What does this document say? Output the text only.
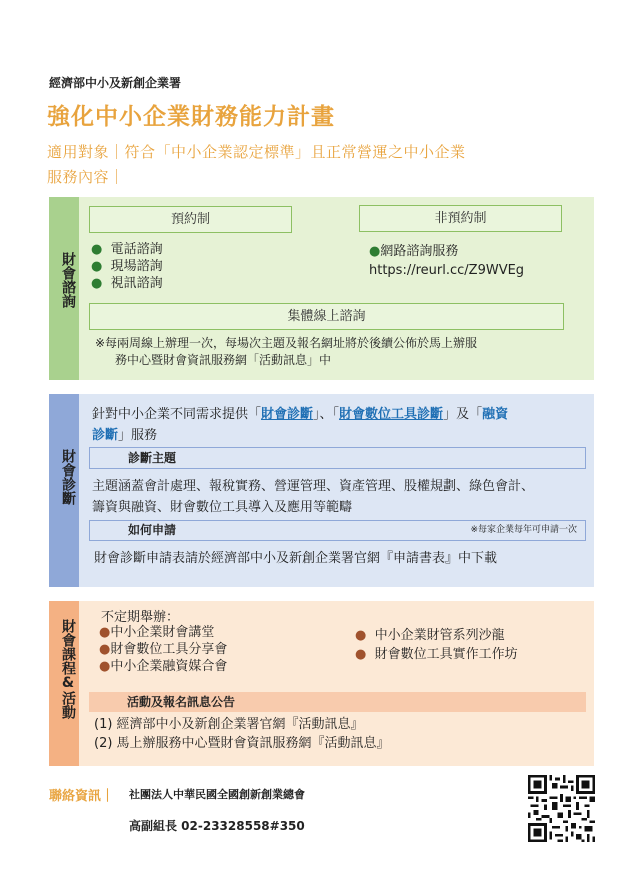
經濟部中小及新創企業署
強化中小企業財務能力計畫
適用對象｜符合「中小企業認定標準」且正常營運之中小企業
服務內容｜
財會諮詢
預約制	非預約制
● 電話諮詢
● 現場諮詢
● 視訊諮詢
●網路諮詢服務
https://reurl.cc/Z9WVEg
集體線上諮詢
※每兩周線上辦理一次，每場次主題及報名網址將於後續公佈於馬上辦服
務中心暨財會資訊服務網「活動訊息」中
財會診斷
針對中小企業不同需求提供「財會診斷」、「財會數位工具診斷」及「融資
診斷」服務
診斷主題
主題涵蓋會計處理、報稅實務、營運管理、資產管理、股權規劃、綠色會計、
籌資與融資、財會數位工具導入及應用等範疇
如何申請	※每家企業每年可申請一次
財會診斷申請表請於經濟部中小及新創企業署官網『申請書表』中下載
財會課程&活動
不定期舉辦：
●中小企業財會講堂
●財會數位工具分享會
●中小企業融資媒合會
● 中小企業財管系列沙龍
● 財會數位工具實作工作坊
活動及報名訊息公告
(1) 經濟部中小及新創企業署官網『活動訊息』
(2) 馬上辦服務中心暨財會資訊服務網『活動訊息』
聯絡資訊｜ 社團法人中華民國全國創新創業總會
高副組長 02-23328558#350
